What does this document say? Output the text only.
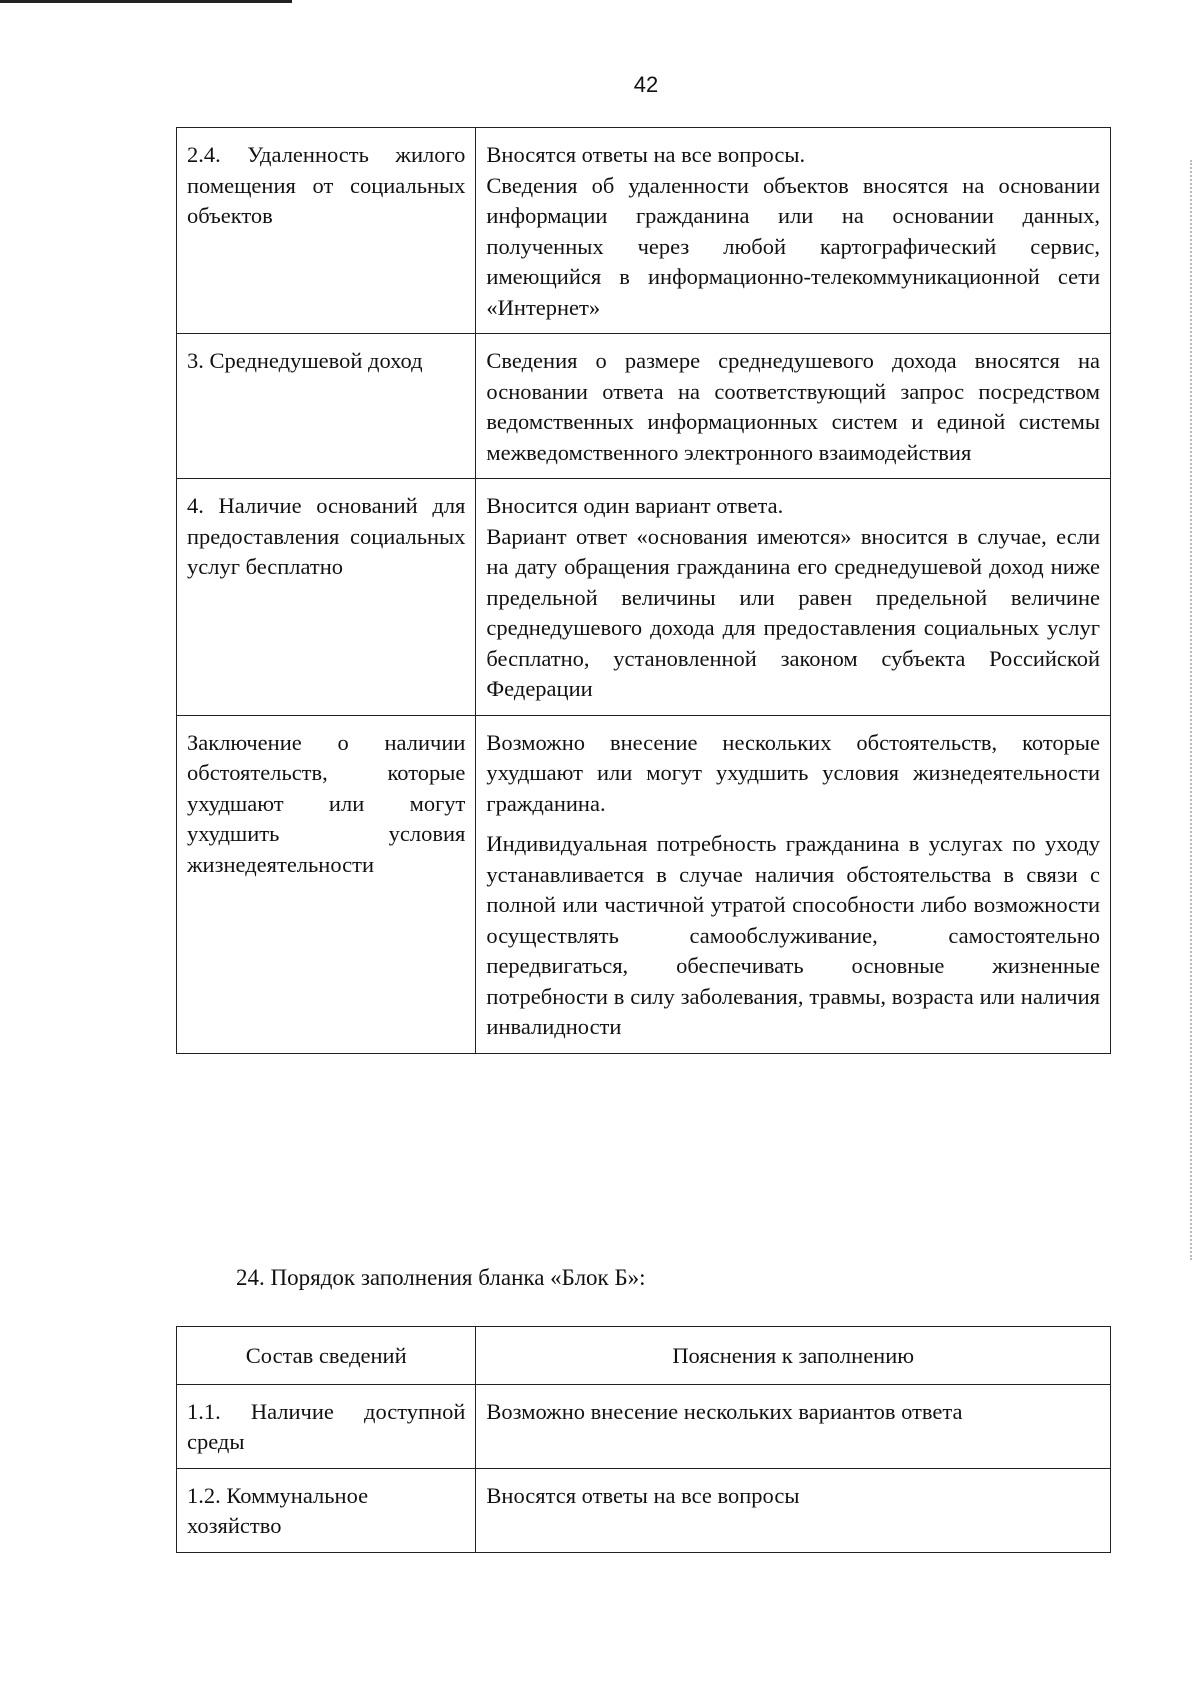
42
2.4. Удаленность жилого помещения от социальных объектов	Вносятся ответы на все вопросы.
Сведения об удаленности объектов вносятся на основании информации гражданина или на основании данных, полученных через любой картографический сервис, имеющийся в информационно-телекоммуникационной сети «Интернет»

3. Среднедушевой доход	Сведения о размере среднедушевого дохода вносятся на основании ответа на соответствующий запрос посредством ведомственных информационных систем и единой системы межведомственного электронного взаимодействия

4. Наличие оснований для предоставления социальных услуг бесплатно	Вносится один вариант ответа.
Вариант ответ «основания имеются» вносится в случае, если на дату обращения гражданина его среднедушевой доход ниже предельной величины или равен предельной величине среднедушевого дохода для предоставления социальных услуг бесплатно, установленной законом субъекта Российской Федерации

Заключение о наличии обстоятельств, которые ухудшают или могут ухудшить условия жизнедеятельности	Возможно внесение нескольких обстоятельств, которые ухудшают или могут ухудшить условия жизнедеятельности гражданина.
Индивидуальная потребность гражданина в услугах по уходу устанавливается в случае наличия обстоятельства в связи с полной или частичной утратой способности либо возможности осуществлять самообслуживание, самостоятельно передвигаться, обеспечивать основные жизненные потребности в силу заболевания, травмы, возраста или наличия инвалидности
24. Порядок заполнения бланка «Блок Б»:
Состав сведений	Пояснения к заполнению
1.1. Наличие доступной среды	Возможно внесение нескольких вариантов ответа
1.2. Коммунальное хозяйство	Вносятся ответы на все вопросы
